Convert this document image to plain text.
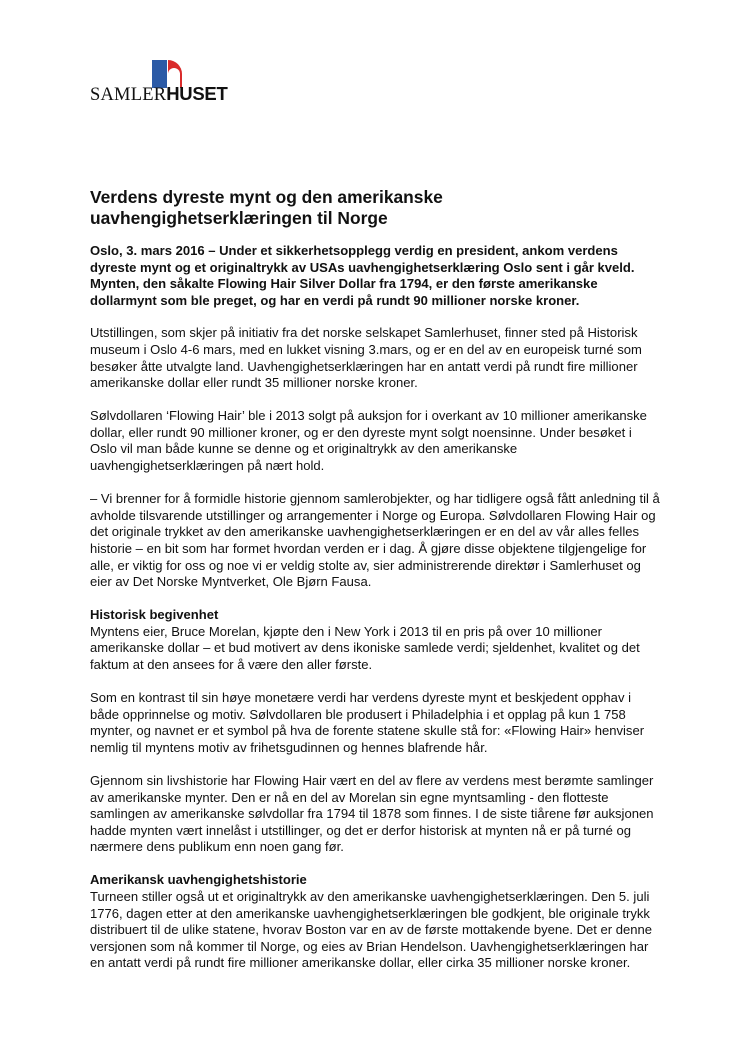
SAMLERHUSET
Verdens dyreste mynt og den amerikanske uavhengighetserklæringen til Norge

Oslo, 3. mars 2016 – Under et sikkerhetsopplegg verdig en president, ankom verdens dyreste mynt og et originaltrykk av USAs uavhengighetserklæring Oslo sent i går kveld. Mynten, den såkalte Flowing Hair Silver Dollar fra 1794, er den første amerikanske dollarmynt som ble preget, og har en verdi på rundt 90 millioner norske kroner.

Utstillingen, som skjer på initiativ fra det norske selskapet Samlerhuset, finner sted på Historisk museum i Oslo 4-6 mars, med en lukket visning 3.mars, og er en del av en europeisk turné som besøker åtte utvalgte land. Uavhengighetserklæringen har en antatt verdi på rundt fire millioner amerikanske dollar eller rundt 35 millioner norske kroner.

Sølvdollaren ‘Flowing Hair’ ble i 2013 solgt på auksjon for i overkant av 10 millioner amerikanske dollar, eller rundt 90 millioner kroner, og er den dyreste mynt solgt noensinne. Under besøket i Oslo vil man både kunne se denne og et originaltrykk av den amerikanske uavhengighetserklæringen på nært hold.

– Vi brenner for å formidle historie gjennom samlerobjekter, og har tidligere også fått anledning til å avholde tilsvarende utstillinger og arrangementer i Norge og Europa. Sølvdollaren Flowing Hair og det originale trykket av den amerikanske uavhengighetserklæringen er en del av vår alles felles historie – en bit som har formet hvordan verden er i dag. Å gjøre disse objektene tilgjengelige for alle, er viktig for oss og noe vi er veldig stolte av, sier administrerende direktør i Samlerhuset og eier av Det Norske Myntverket, Ole Bjørn Fausa.

Historisk begivenhet

Myntens eier, Bruce Morelan, kjøpte den i New York i 2013 til en pris på over 10 millioner amerikanske dollar – et bud motivert av dens ikoniske samlede verdi; sjeldenhet, kvalitet og det faktum at den ansees for å være den aller første.

Som en kontrast til sin høye monetære verdi har verdens dyreste mynt et beskjedent opphav i både opprinnelse og motiv. Sølvdollaren ble produsert i Philadelphia i et opplag på kun 1 758 mynter, og navnet er et symbol på hva de forente statene skulle stå for: «Flowing Hair» henviser nemlig til myntens motiv av frihetsgudinnen og hennes blafrende hår.

Gjennom sin livshistorie har Flowing Hair vært en del av flere av verdens mest berømte samlinger av amerikanske mynter. Den er nå en del av Morelan sin egne myntsamling - den flotteste samlingen av amerikanske sølvdollar fra 1794 til 1878 som finnes. I de siste tiårene før auksjonen hadde mynten vært innelåst i utstillinger, og det er derfor historisk at mynten nå er på turné og nærmere dens publikum enn noen gang før.

Amerikansk uavhengighetshistorie

Turneen stiller også ut et originaltrykk av den amerikanske uavhengighetserklæringen. Den 5. juli 1776, dagen etter at den amerikanske uavhengighetserklæringen ble godkjent, ble originale trykk distribuert til de ulike statene, hvorav Boston var en av de første mottakende byene. Det er denne versjonen som nå kommer til Norge, og eies av Brian Hendelson. Uavhengighetserklæringen har en antatt verdi på rundt fire millioner amerikanske dollar, eller cirka 35 millioner norske kroner.
